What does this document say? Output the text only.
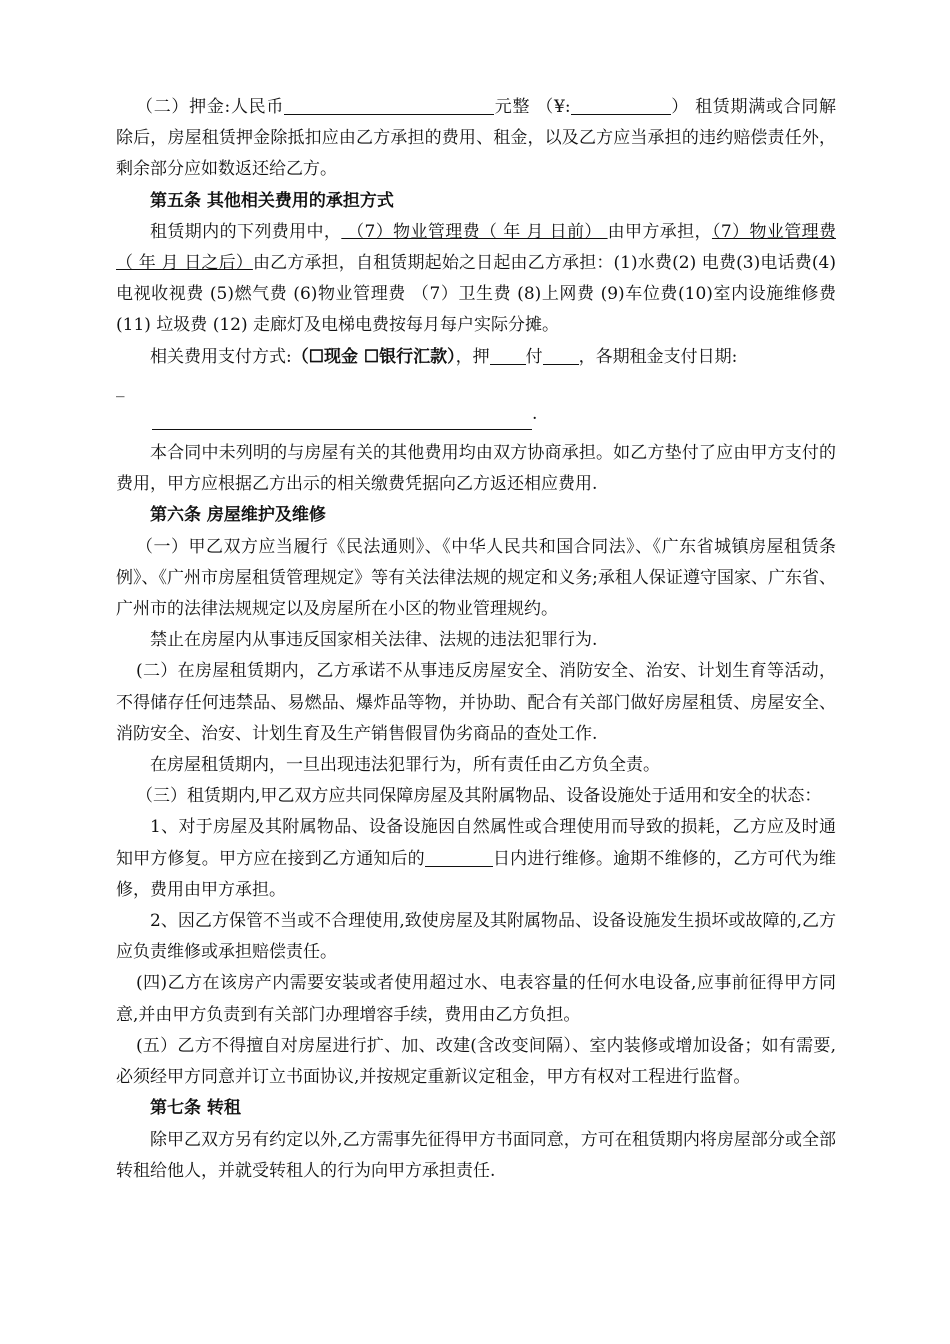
（二）押金:人民币	元整 （¥:	） 租赁期满或合同解除后，房屋租赁押金除抵扣应由乙方承担的费用、租金，以及乙方应当承担的违约赔偿责任外，剩余部分应如数返还给乙方。

第五条 其他相关费用的承担方式

租赁期内的下列费用中， （7）物业管理费（ 年 月 日前） 由甲方承担，（7）物业管理费（ 年 月 日之后）由乙方承担，自租赁期起始之日起由乙方承担：(1)水费(2) 电费(3)电话费(4) 电视收视费 (5)燃气费 (6)物业管理费 （7）卫生费 (8)上网费 (9)车位费(10)室内设施维修费 (11) 垃圾费 (12) 走廊灯及电梯电费按每月每户实际分摊。

相关费用支付方式:（☐现金 ☐银行汇款），押 付 ，各期租金支付日期:

_
.

本合同中未列明的与房屋有关的其他费用均由双方协商承担。如乙方垫付了应由甲方支付的费用，甲方应根据乙方出示的相关缴费凭据向乙方返还相应费用.

第六条 房屋维护及维修

（一）甲乙双方应当履行《民法通则》、《中华人民共和国合同法》、《广东省城镇房屋租赁条例》、《广州市房屋租赁管理规定》等有关法律法规的规定和义务;承租人保证遵守国家、广东省、广州市的法律法规规定以及房屋所在小区的物业管理规约。

禁止在房屋内从事违反国家相关法律、法规的违法犯罪行为.

(二）在房屋租赁期内，乙方承诺不从事违反房屋安全、消防安全、治安、计划生育等活动，不得储存任何违禁品、易燃品、爆炸品等物，并协助、配合有关部门做好房屋租赁、房屋安全、消防安全、治安、计划生育及生产销售假冒伪劣商品的查处工作.

在房屋租赁期内，一旦出现违法犯罪行为，所有责任由乙方负全责。

（三）租赁期内,甲乙双方应共同保障房屋及其附属物品、设备设施处于适用和安全的状态：

1、对于房屋及其附属物品、设备设施因自然属性或合理使用而导致的损耗，乙方应及时通知甲方修复。甲方应在接到乙方通知后的	日内进行维修。逾期不维修的，乙方可代为维修，费用由甲方承担。

2、因乙方保管不当或不合理使用,致使房屋及其附属物品、设备设施发生损坏或故障的,乙方应负责维修或承担赔偿责任。

(四)乙方在该房产内需要安装或者使用超过水、电表容量的任何水电设备,应事前征得甲方同意,并由甲方负责到有关部门办理增容手续，费用由乙方负担。

(五）乙方不得擅自对房屋进行扩、加、改建(含改变间隔）、室内装修或增加设备；如有需要,必须经甲方同意并订立书面协议,并按规定重新议定租金，甲方有权对工程进行监督。

第七条 转租

除甲乙双方另有约定以外,乙方需事先征得甲方书面同意，方可在租赁期内将房屋部分或全部转租给他人，并就受转租人的行为向甲方承担责任.
